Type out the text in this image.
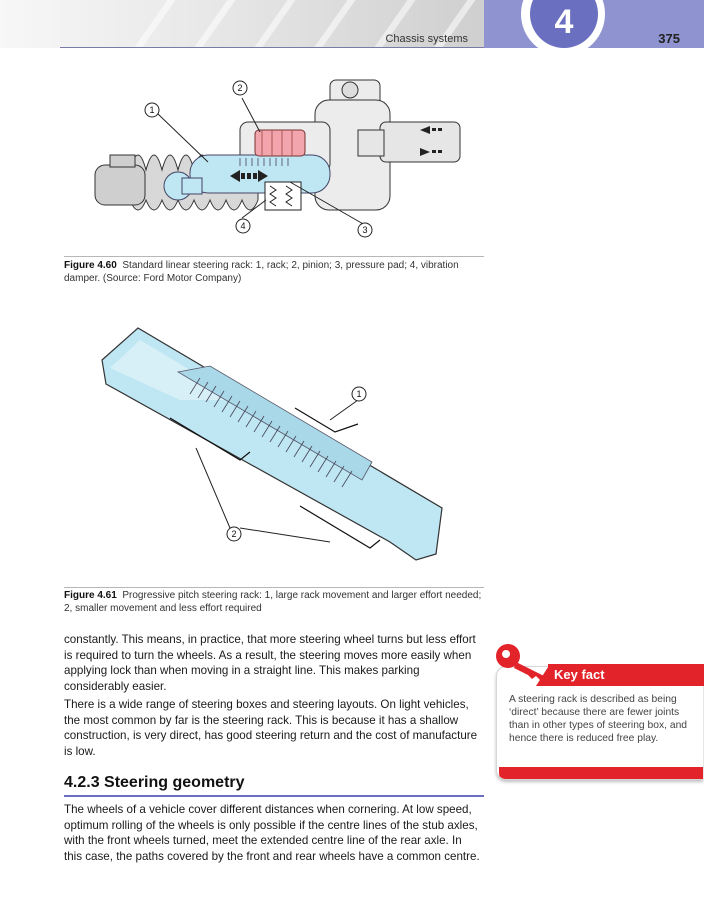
Chassis systems	4	375
1
2
3
4
Figure 4.60 Standard linear steering rack: 1, rack; 2, pinion; 3, pressure pad; 4, vibration damper. (Source: Ford Motor Company)
1
2
Figure 4.61 Progressive pitch steering rack: 1, large rack movement and larger effort needed; 2, smaller movement and less effort required

constantly. This means, in practice, that more steering wheel turns but less effort is required to turn the wheels. As a result, the steering moves more easily when applying lock than when moving in a straight line. This makes parking considerably easier.

There is a wide range of steering boxes and steering layouts. On light vehicles, the most common by far is the steering rack. This is because it has a shallow construction, is very direct, has good steering return and the cost of manufacture is low.

4.2.3 Steering geometry

The wheels of a vehicle cover different distances when cornering. At low speed, optimum rolling of the wheels is only possible if the centre lines of the stub axles, with the front wheels turned, meet the extended centre line of the rear axle. In this case, the paths covered by the front and rear wheels have a common centre.

A steering rack is described as being ‘direct’ because there are fewer joints than in other types of steering box, and hence there is reduced free play.

Key fact
